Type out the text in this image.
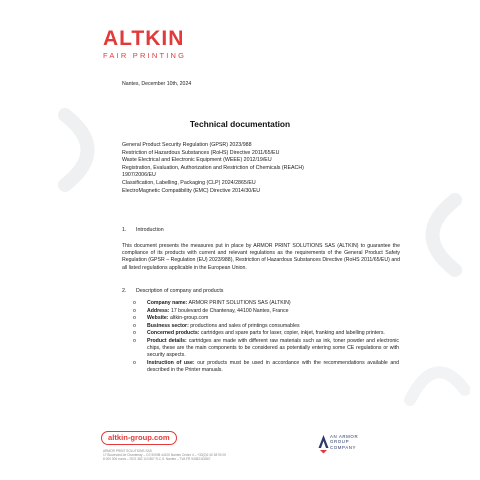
ALTKIN
FAIR PRINTING
Nantes, December 10th, 2024
Technical documentation
General Product Security Regulation (GPSR) 2023/988
Restriction of Hazardous Substances (RoHS) Directive 2011/65/EU
Waste Electrical and Electronic Equipment (WEEE) 2012/19/EU
Registration, Evaluation, Authorization and Restriction of Chemicals (REACH)
1907/2006/EU
Classification, Labelling, Packaging (CLP) 2024/2865/EU
ElectroMagnetic Compatibility (EMC) Directive 2014/30/EU
1. Introduction
This document presents the measures put in place by ARMOR PRINT SOLUTIONS SAS (ALTKIN) to guarantee the compliance of its products with current and relevant regulations as the requirements of the General Product Safety Regulation (GPSR – Regulation (EU) 2023/988), Restriction of Hazardous Substances Directive (RoHS 2011/65/EU) and all listed regulations applicable in the European Union.
2. Description of company and products
o Company name: ARMOR PRINT SOLUTIONS SAS (ALTKIN)
o Address: 17 boulevard de Chantenay, 44100 Nantes, France
o Website: altkin-group.com
o Business sector: productions and sales of printings consumables
o Concerned products: cartridges and spare parts for laser, copier, inkjet, franking and labelling printers.
o Product details: cartridges are made with different raw materials such as ink, toner powder and electronic chips, these are the main components to be considered as potentially entering some CE regulations or with security aspects.
o Instruction of use: our products must be used in accordance with the recommendations available and described in the Printer manuals.
altkin-group.com
ARMOR PRINT SOLUTIONS SAS
17 Boulevard de Chantenay – CS 90098 44100 Nantes Cedex 4 – +33(0)2 40 38 90 00
8 000 000 euros – RCS 382 110 867 R.C.S. Nantes – TVA FR 94382110867
AN ARMOR
GROUP
COMPANY
